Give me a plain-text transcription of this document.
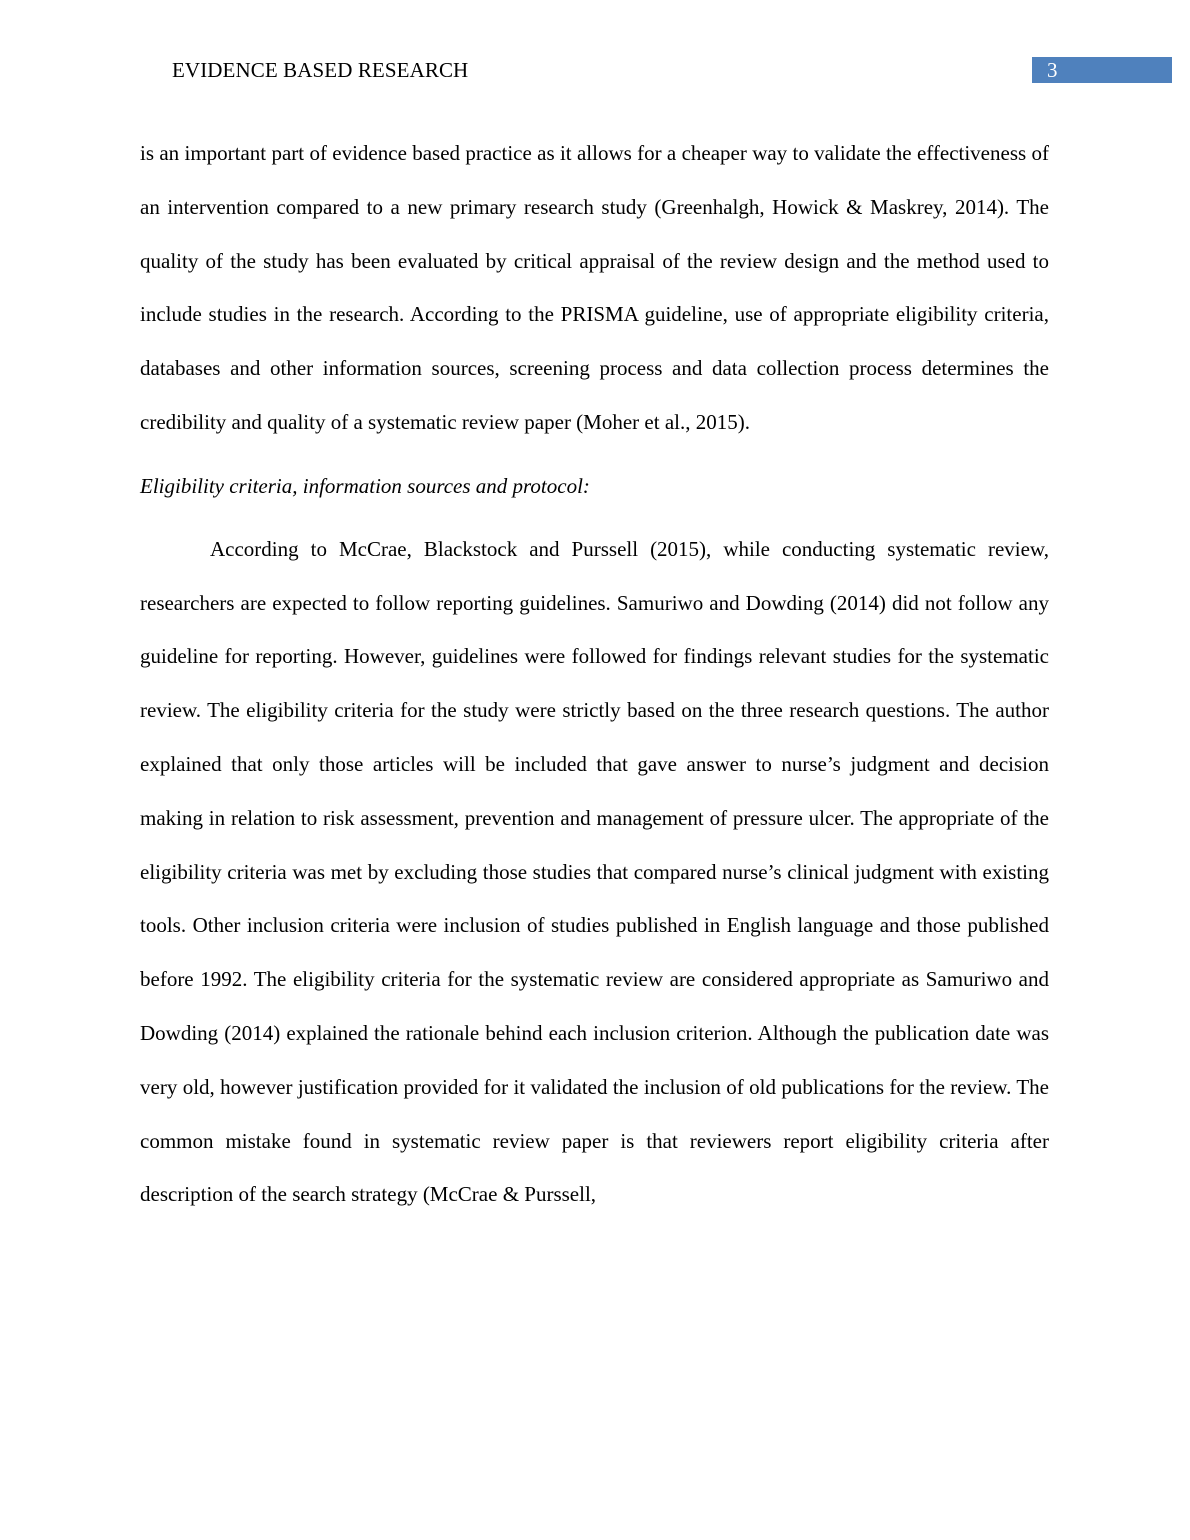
EVIDENCE BASED RESEARCH	3

is an important part of evidence based practice as it allows for a cheaper way to validate the effectiveness of an intervention compared to a new primary research study (Greenhalgh, Howick & Maskrey, 2014). The quality of the study has been evaluated by critical appraisal of the review design and the method used to include studies in the research. According to the PRISMA guideline, use of appropriate eligibility criteria, databases and other information sources, screening process and data collection process determines the credibility and quality of a systematic review paper (Moher et al., 2015).

Eligibility criteria, information sources and protocol:

According to McCrae, Blackstock and Purssell (2015), while conducting systematic review, researchers are expected to follow reporting guidelines. Samuriwo and Dowding (2014) did not follow any guideline for reporting. However, guidelines were followed for findings relevant studies for the systematic review. The eligibility criteria for the study were strictly based on the three research questions. The author explained that only those articles will be included that gave answer to nurse’s judgment and decision making in relation to risk assessment, prevention and management of pressure ulcer. The appropriate of the eligibility criteria was met by excluding those studies that compared nurse’s clinical judgment with existing tools. Other inclusion criteria were inclusion of studies published in English language and those published before 1992. The eligibility criteria for the systematic review are considered appropriate as Samuriwo and Dowding (2014) explained the rationale behind each inclusion criterion. Although the publication date was very old, however justification provided for it validated the inclusion of old publications for the review. The common mistake found in systematic review paper is that reviewers report eligibility criteria after description of the search strategy (McCrae & Purssell,
